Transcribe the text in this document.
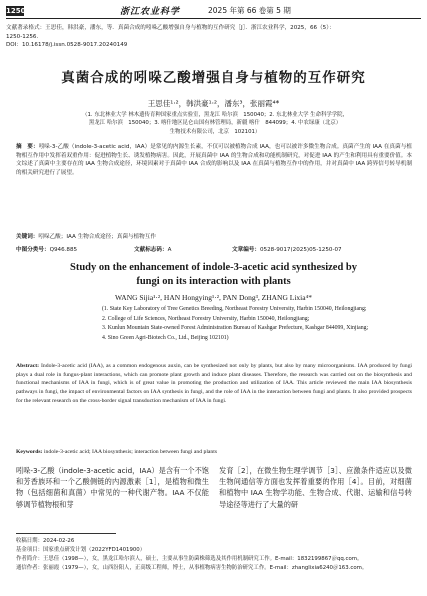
1250	浙江农业科学	2025 年第 66 卷第 5 期
文献著录格式：王思佳，韩洪豪，潘东，等．真菌合成的吲哚乙酸增强自身与植物的互作研究［J］．浙江农业科学，2025，66（5）：
1250-1256.
DOI：10.16178/j.issn.0528-9017.20240149
真菌合成的吲哚乙酸增强自身与植物的互作研究
王思佳¹·²，韩洪豪¹·²，潘东³，张丽霞⁴*
（1. 东北林业大学 林木遗传育种国家重点实验室，黑龙江 哈尔滨　150040；2. 东北林业大学 生命科学学院，
黑龙江 哈尔滨　150040；3. 喀什地区昆仑山国有林管理局，新疆 喀什　844099；4. 中农绿康（北京）
生物技术有限公司，北京　102101）
摘　要：吲哚-3-乙酸（indole-3-acetic acid，IAA）是常见的内源生长素，不仅可以被植物合成 IAA，也可以被许多微生物合成。真菌产生的 IAA 在真菌与植物相互作用中发挥着双重作用：促进植物生长、诱发植物病害。因此，开展真菌中 IAA 的生物合成和功能机制研究，对促进 IAA 的产生和利用具有重要价值。本文综述了真菌中主要存在的 IAA 生物合成途径，环境因素对于真菌中 IAA 合成的影响以及 IAA 在真菌与植物互作中的作用，并对真菌中 IAA 跨界信号转导机制的相关研究进行了展望。
关键词：吲哚乙酸；IAA 生物合成途径；真菌与植物互作
中图分类号：Q946.885	文献标志码：A	文章编号：0528-9017(2025)05-1250-07
Study on the enhancement of indole-3-acetic acid synthesized by
fungi on its interaction with plants
WANG Sijia¹·², HAN Hongying¹·², PAN Dong³, ZHANG Lixia⁴*
(1. State Key Laboratory of Tree Genetics Breeding, Northeast Forestry University, Harbin 150040, Heilongjiang;
2. College of Life Sciences, Northeast Forestry University, Harbin 150040, Heilongjiang;
3. Kunlun Mountain State-owned Forest Administration Bureau of Kashgar Prefecture, Kashgar 844099, Xinjiang;
4. Sino Green Agri-Biotech Co., Ltd., Beijing 102101)
Abstract: Indole-3-acetic acid (IAA), as a common endogenous auxin, can be synthesized not only by plants, but also by many microorganisms. IAA produced by fungi plays a dual role in fungus-plant interactions, which can promote plant growth and induce plant diseases. Therefore, the research was carried out on the biosynthesis and functional mechanisms of IAA in fungi, which is of great value in promoting the production and utilization of IAA. This article reviewed the main IAA biosynthesis pathways in fungi, the impact of environmental factors on IAA synthesis in fungi, and the role of IAA in the interaction between fungi and plants. It also provided prospects for the relevant research on the cross-border signal transduction mechanism of IAA in fungi.
Keywords: indole-3-acetic acid; IAA biosynthesis; interaction between fungi and plants
吲哚-3-乙酸（indole-3-acetic acid，IAA）是含有一个不饱和芳香族环和一个乙酸侧链的内源激素［1］，是植物和微生物（包括细菌和真菌）中常见的一种代谢产物。IAA 不仅能够调节植物根和芽
发育［2］，在微生物生理学调节［3］、应激条件适应以及微生物间通信等方面也发挥着重要的作用［4］。目前，对细菌和植物中 IAA 生物学功能、生物合成、代谢、运输和信号转导途径等进行了大量的研
收稿日期：2024-02-26
基金项目：国家重点研发计划（2022YFD1401900）
作者简介：王思佳（1998—），女，黑龙江哈尔滨人，硕士，主要从事生防菌株筛选及其作用机制研究工作。E-mail：1832199867＠qq.com。
通信作者：张丽霞（1979—），女，山西汾阳人，正高级工程师，博士，从事植物病害生物防治研究工作。E-mail：zhanglixia6240＠163.com。
